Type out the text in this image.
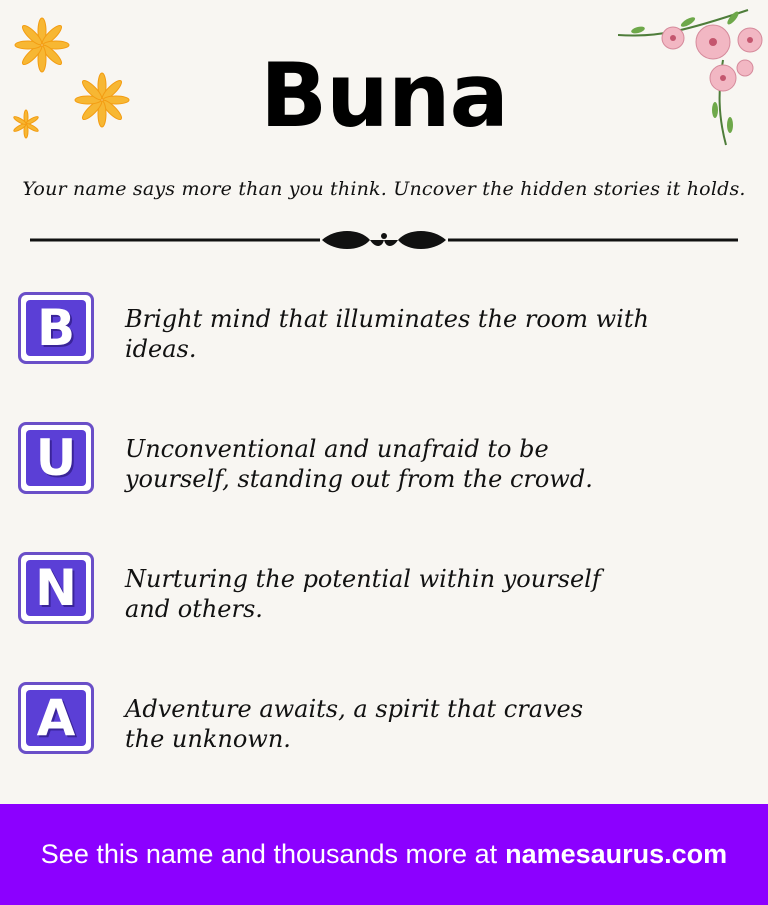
Buna
Your name says more than you think. Uncover the hidden stories it holds.
B	Bright mind that illuminates the room with ideas.
U	Unconventional and unafraid to be yourself, standing out from the crowd.
N	Nurturing the potential within yourself and others.
A	Adventure awaits, a spirit that craves the unknown.
See this name and thousands more at namesaurus.com
